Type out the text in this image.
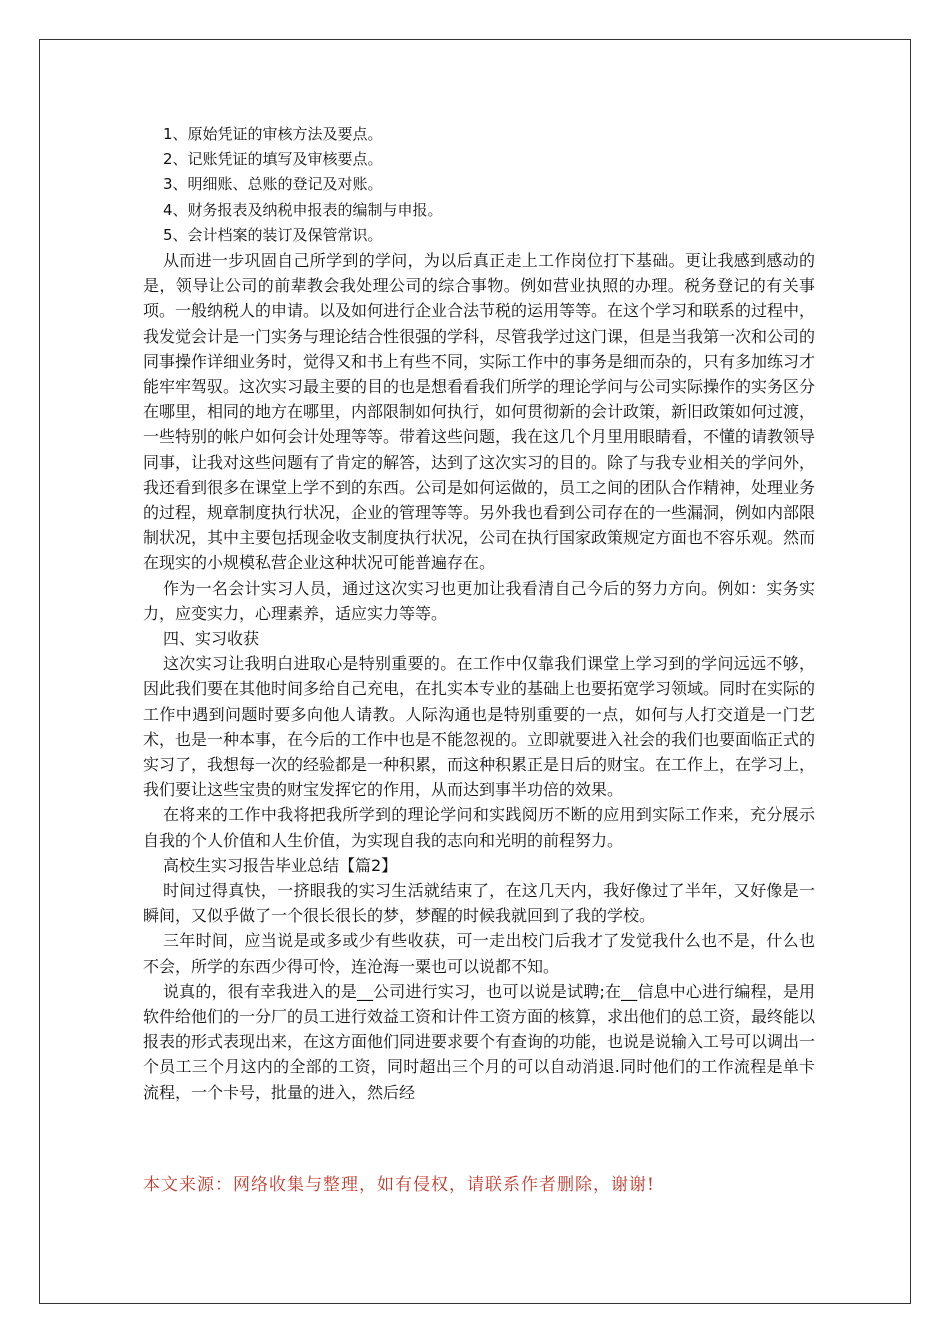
1、原始凭证的审核方法及要点。
2、记账凭证的填写及审核要点。
3、明细账、总账的登记及对账。
4、财务报表及纳税申报表的编制与申报。
5、会计档案的装订及保管常识。

从而进一步巩固自己所学到的学问，为以后真正走上工作岗位打下基础。更让我感到感动的是，领导让公司的前辈教会我处理公司的综合事物。例如营业执照的办理。税务登记的有关事项。一般纳税人的申请。以及如何进行企业合法节税的运用等等。在这个学习和联系的过程中，我发觉会计是一门实务与理论结合性很强的学科，尽管我学过这门课，但是当我第一次和公司的同事操作详细业务时，觉得又和书上有些不同，实际工作中的事务是细而杂的，只有多加练习才能牢牢驾驭。这次实习最主要的目的也是想看看我们所学的理论学问与公司实际操作的实务区分在哪里，相同的地方在哪里，内部限制如何执行，如何贯彻新的会计政策，新旧政策如何过渡，一些特别的帐户如何会计处理等等。带着这些问题，我在这几个月里用眼睛看，不懂的请教领导同事，让我对这些问题有了肯定的解答，达到了这次实习的目的。除了与我专业相关的学问外，我还看到很多在课堂上学不到的东西。公司是如何运做的，员工之间的团队合作精神，处理业务的过程，规章制度执行状况，企业的管理等等。另外我也看到公司存在的一些漏洞，例如内部限制状况，其中主要包括现金收支制度执行状况，公司在执行国家政策规定方面也不容乐观。然而在现实的小规模私营企业这种状况可能普遍存在。

作为一名会计实习人员，通过这次实习也更加让我看清自己今后的努力方向。例如：实务实力，应变实力，心理素养，适应实力等等。

四、实习收获

这次实习让我明白进取心是特别重要的。在工作中仅靠我们课堂上学习到的学问远远不够，因此我们要在其他时间多给自己充电，在扎实本专业的基础上也要拓宽学习领域。同时在实际的工作中遇到问题时要多向他人请教。人际沟通也是特别重要的一点，如何与人打交道是一门艺术，也是一种本事，在今后的工作中也是不能忽视的。立即就要进入社会的我们也要面临正式的实习了，我想每一次的经验都是一种积累，而这种积累正是日后的财宝。在工作上，在学习上，我们要让这些宝贵的财宝发挥它的作用，从而达到事半功倍的效果。

在将来的工作中我将把我所学到的理论学问和实践阅历不断的应用到实际工作来，充分展示自我的个人价值和人生价值，为实现自我的志向和光明的前程努力。

高校生实习报告毕业总结【篇2】

时间过得真快，一挤眼我的实习生活就结束了，在这几天内，我好像过了半年，又好像是一瞬间，又似乎做了一个很长很长的梦，梦醒的时候我就回到了我的学校。

三年时间，应当说是或多或少有些收获，可一走出校门后我才了发觉我什么也不是，什么也不会，所学的东西少得可怜，连沧海一粟也可以说都不知。

说真的，很有幸我进入的是__公司进行实习，也可以说是试聘;在__信息中心进行编程，是用软件给他们的一分厂的员工进行效益工资和计件工资方面的核算，求出他们的总工资，最终能以报表的形式表现出来，在这方面他们同进要求要个有查询的功能，也说是说输入工号可以调出一个员工三个月这内的全部的工资，同时超出三个月的可以自动消退.同时他们的工作流程是单卡流程，一个卡号，批量的进入，然后经

本文来源：网络收集与整理，如有侵权，请联系作者删除，谢谢!
